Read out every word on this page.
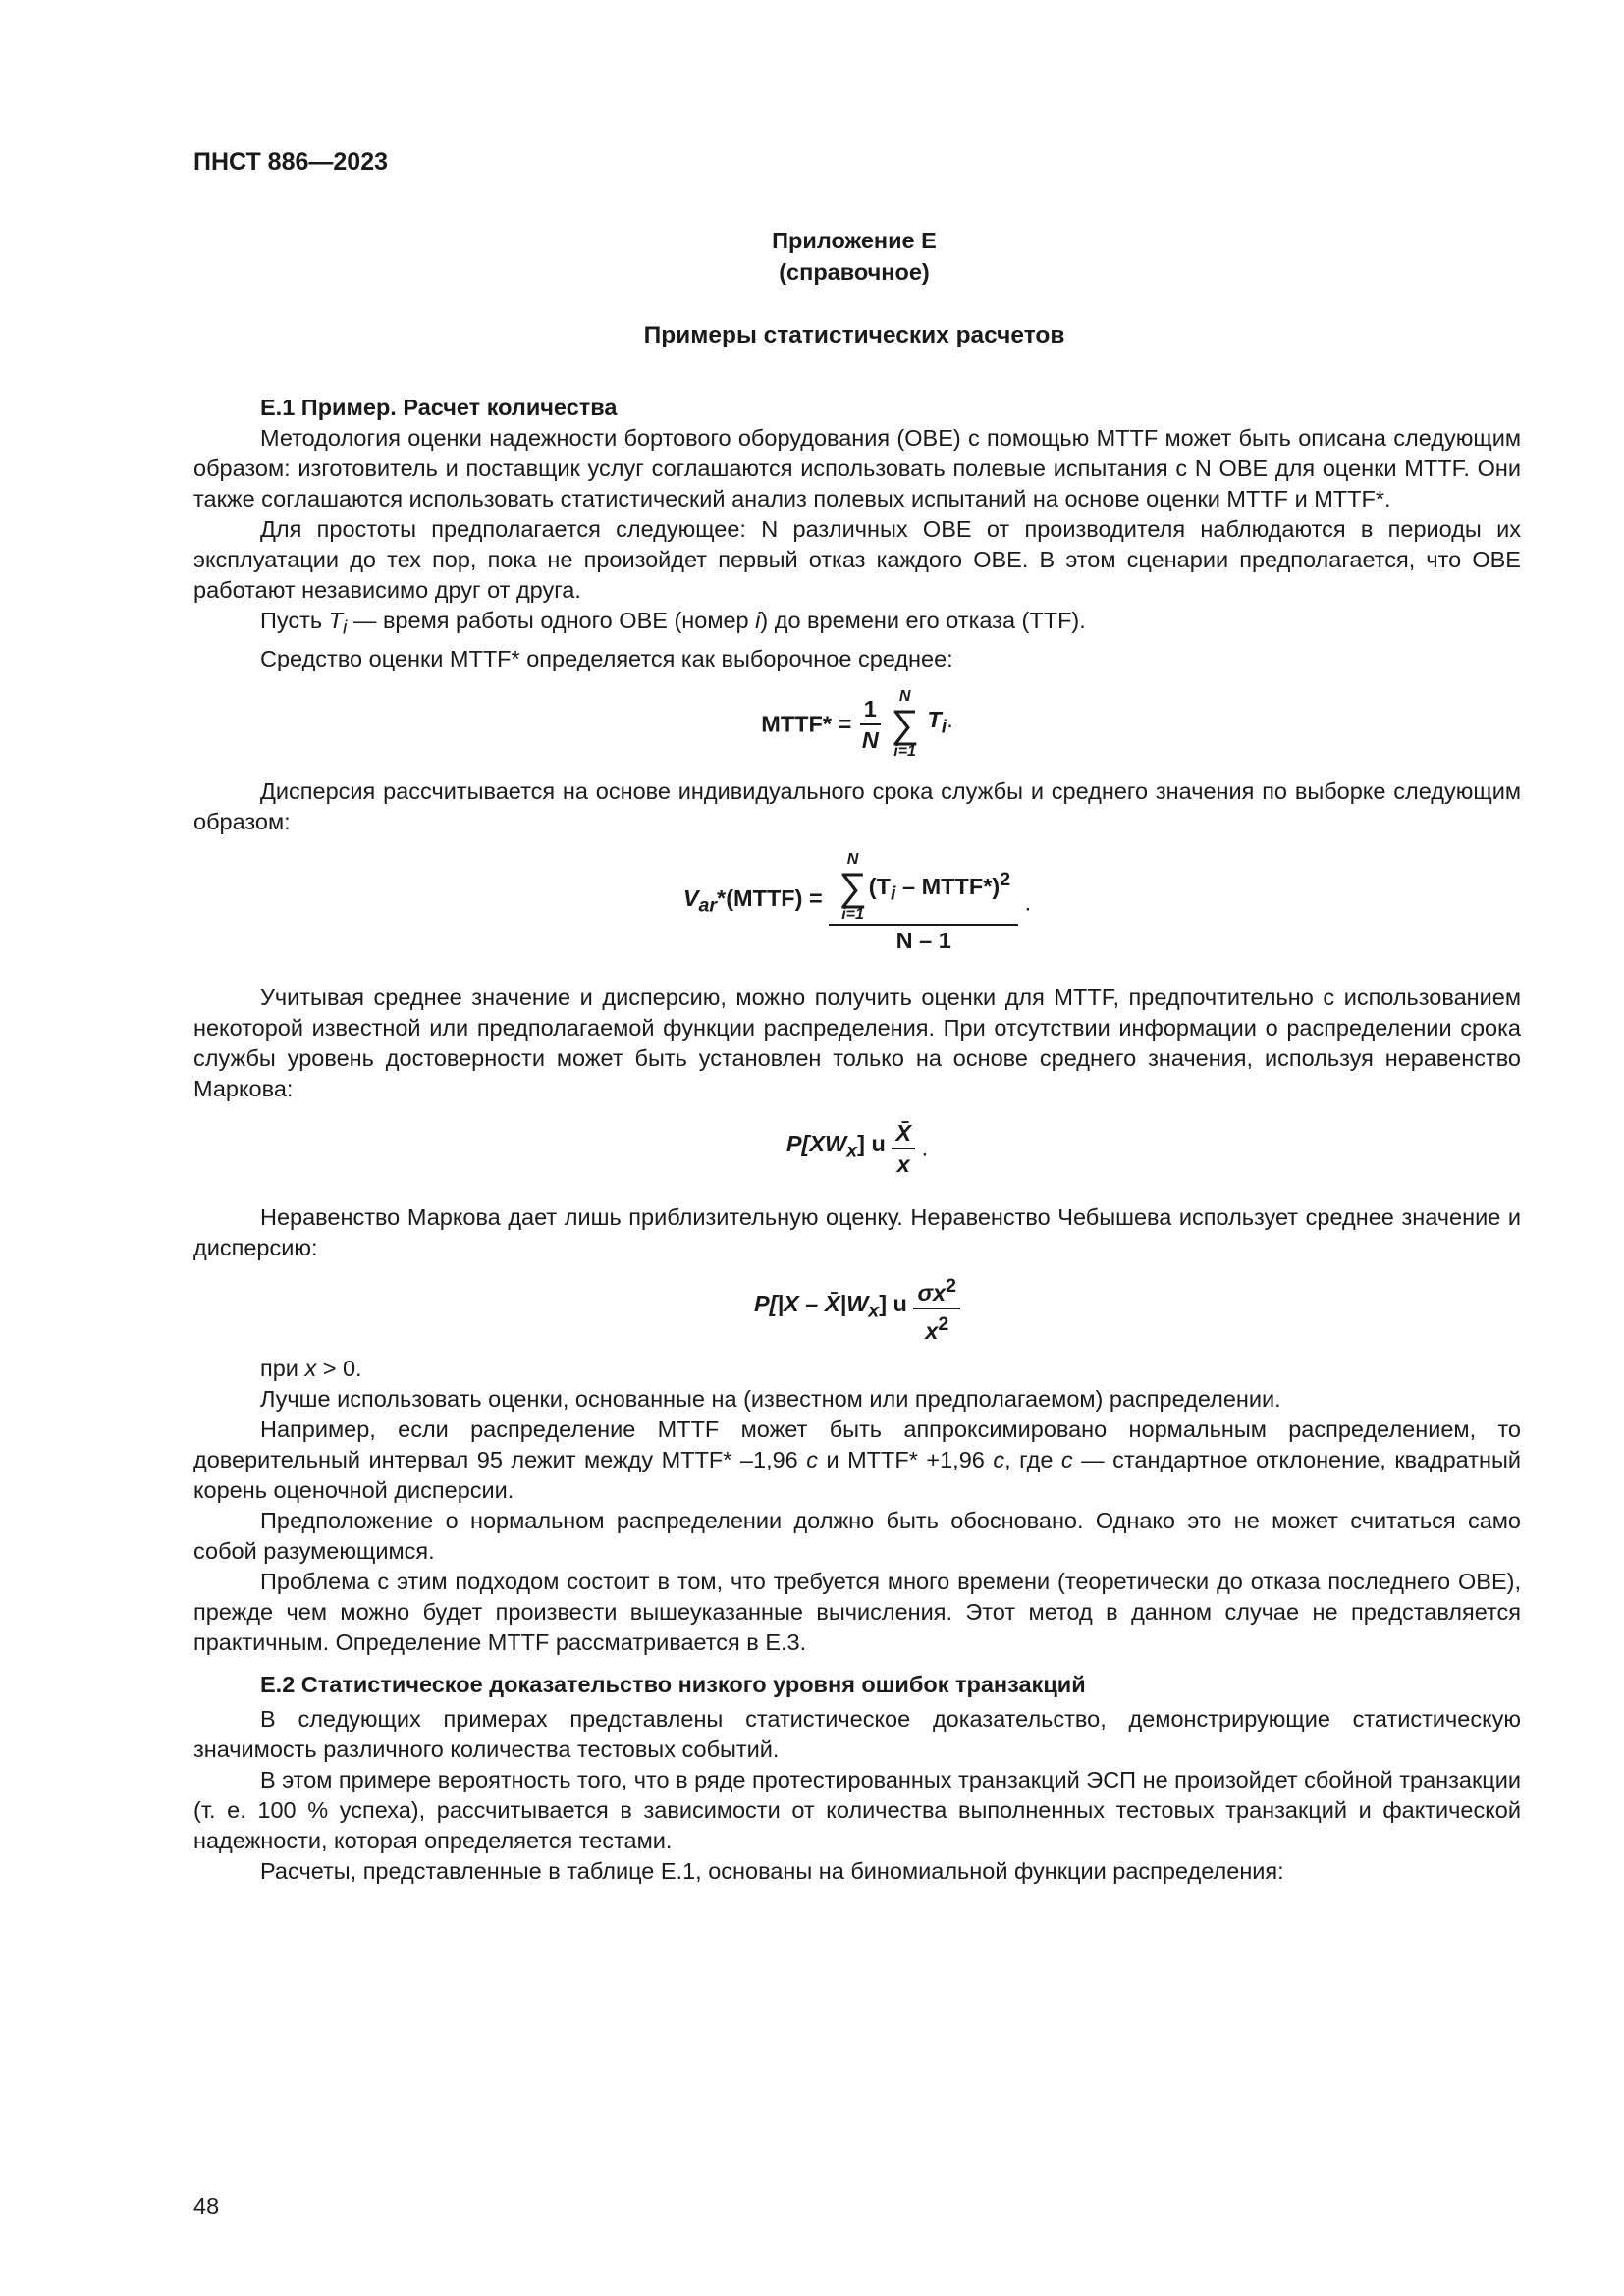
ПНСТ 886—2023
Приложение Е
(справочное)
Примеры статистических расчетов
Е.1 Пример. Расчет количества

Методология оценки надежности бортового оборудования (ОВЕ) с помощью MTTF может быть описана следующим образом: изготовитель и поставщик услуг соглашаются использовать полевые испытания с N ОВЕ для оценки MTTF. Они также соглашаются использовать статистический анализ полевых испытаний на основе оценки MTTF и MTTF*.

Для простоты предполагается следующее: N различных ОВЕ от производителя наблюдаются в периоды их эксплуатации до тех пор, пока не произойдет первый отказ каждого ОВЕ. В этом сценарии предполагается, что ОВЕ работают независимо друг от друга.

Пусть $T_i$ — время работы одного ОВЕ (номер i) до времени его отказа (TTF).

Средство оценки MTTF* определяется как выборочное среднее:

MTTF* = $\frac{1}{N}$
N
∑
i=1
$T_i$.

Дисперсия рассчитывается на основе индивидуального срока службы и среднего значения по выборке следующим образом:

$V_{ar}*(MTTF) = N$
∑
i=1
($T_i$ – MTTF*)$^2$
N – 1 .

Учитывая среднее значение и дисперсию, можно получить оценки для MTTF, предпочтительно с использованием некоторой известной или предполагаемой функции распределения. При отсутствии информации о распределении срока службы уровень достоверности может быть установлен только на основе среднего значения, используя неравенство Маркова:

$P[XW_x]$ u $\frac{X̄}{x}$ .

Неравенство Маркова дает лишь приблизительную оценку. Неравенство Чебышева использует среднее значение и дисперсию:

$P[|X - X̄|W_x]$ u $\frac{\sigma x^2}{x^2}$

при x > 0.

Лучше использовать оценки, основанные на (известном или предполагаемом) распределении.

Например, если распределение MTTF может быть аппроксимировано нормальным распределением, то доверительный интервал 95 лежит между MTTF* –1,96 c и MTTF* +1,96 c, где c — стандартное отклонение, квадратный корень оценочной дисперсии.

Предположение о нормальном распределении должно быть обосновано. Однако это не может считаться само собой разумеющимся.

Проблема с этим подходом состоит в том, что требуется много времени (теоретически до отказа последнего ОВЕ), прежде чем можно будет произвести вышеуказанные вычисления. Этот метод в данном случае не представляется практичным. Определение MTTF рассматривается в Е.3.

Е.2 Статистическое доказательство низкого уровня ошибок транзакций

В следующих примерах представлены статистическое доказательство, демонстрирующие статистическую значимость различного количества тестовых событий.

В этом примере вероятность того, что в ряде протестированных транзакций ЭСП не произойдет сбойной транзакции (т. е. 100 % успеха), рассчитывается в зависимости от количества выполненных тестовых транзакций и фактической надежности, которая определяется тестами.

Расчеты, представленные в таблице Е.1, основаны на биномиальной функции распределения:

48
